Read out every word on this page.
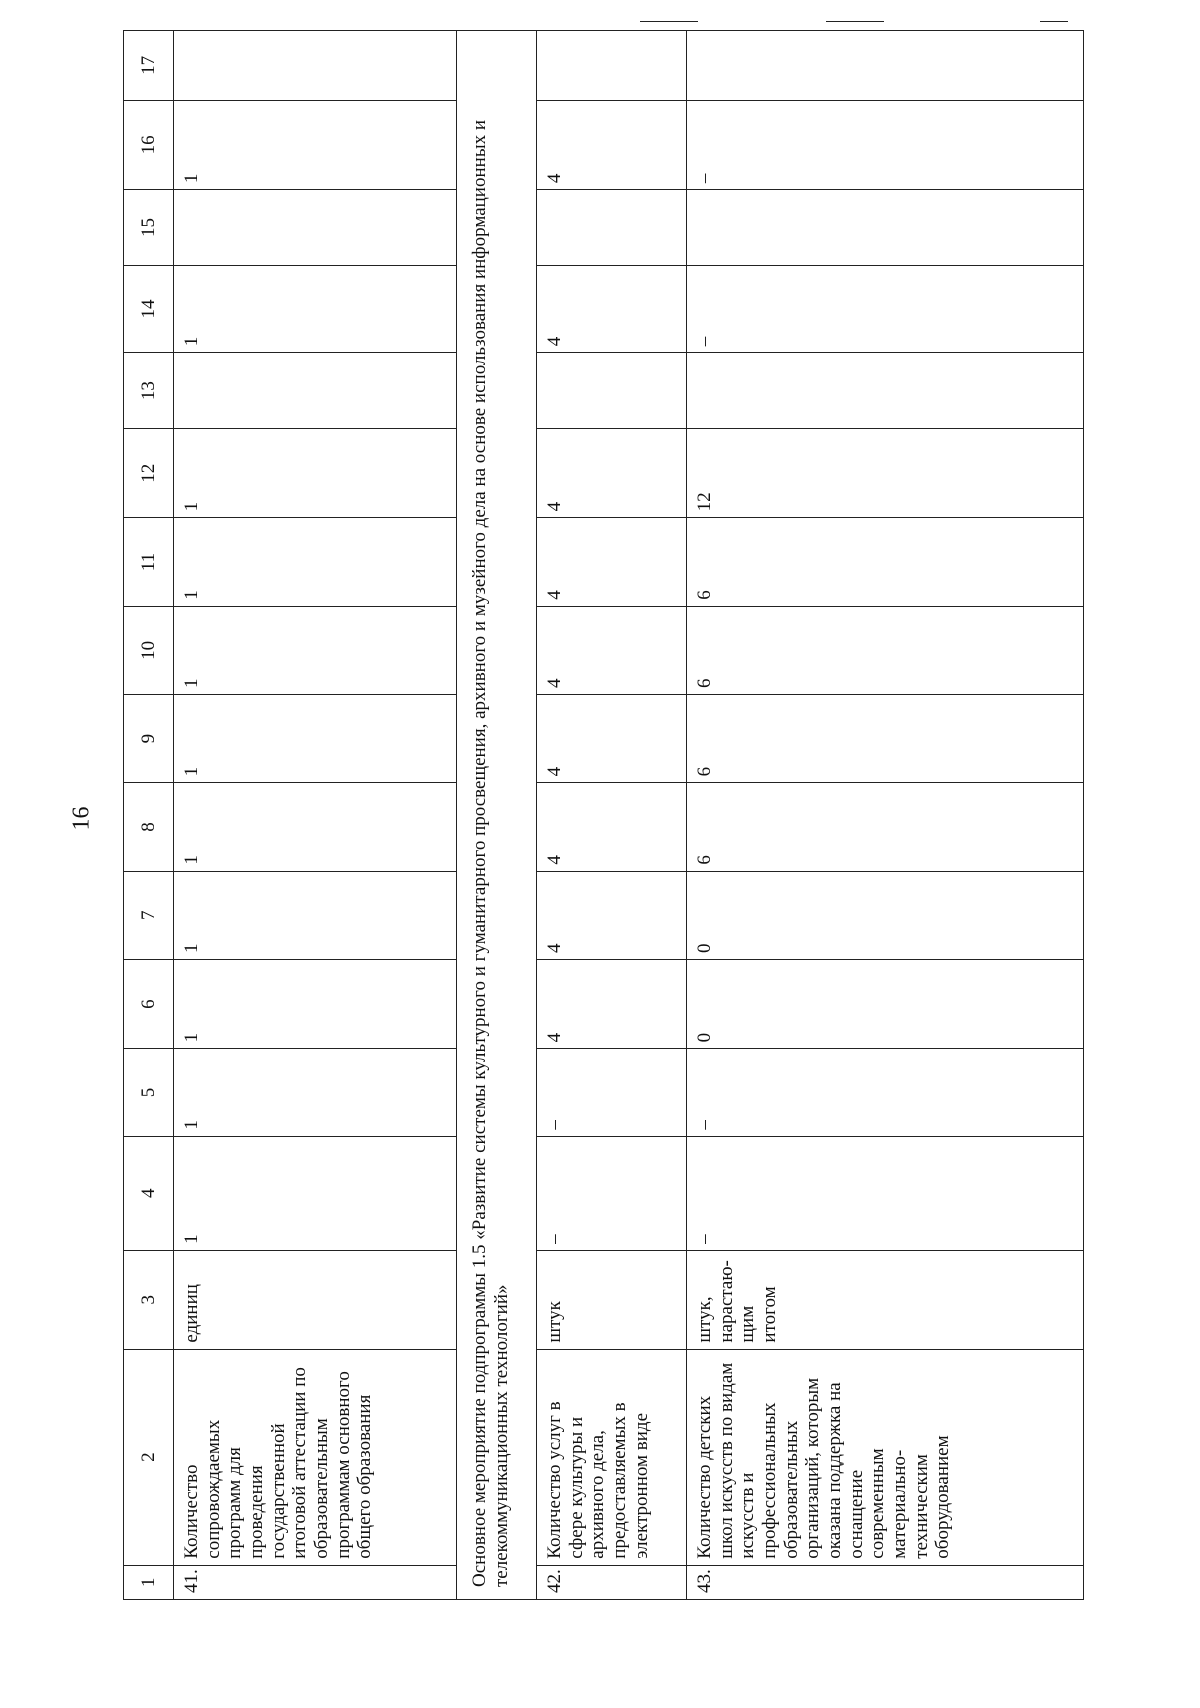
16
1	2	3	4	5	6	7	8	9	10	11	12	13	14	15	16	17
41.	Количество сопровождаемых программ для проведения государственной итоговой аттестации по образовательным программам основного общего образования	единиц	1	1	1	1	1	1	1	1	1		1		1	
Основное мероприятие подпрограммы 1.5 «Развитие системы культурного и гуманитарного просвещения, архивного и музейного дела на основе использования информационных и телекоммуникационных технологий»																
42.	Количество услуг в сфере культуры и архивного дела, предоставляемых в электронном виде	штук	–	–	4	4	4	4	4	4	4		4		4	
43.	Количество детских школ искусств по видам искусств и профессиональных образовательных организаций, которым оказана поддержка на оснащение современным материально-техническим оборудованием	штук, нарастаю-щим итогом	–	–	0	0	6	6	6	6	12		–		–	
